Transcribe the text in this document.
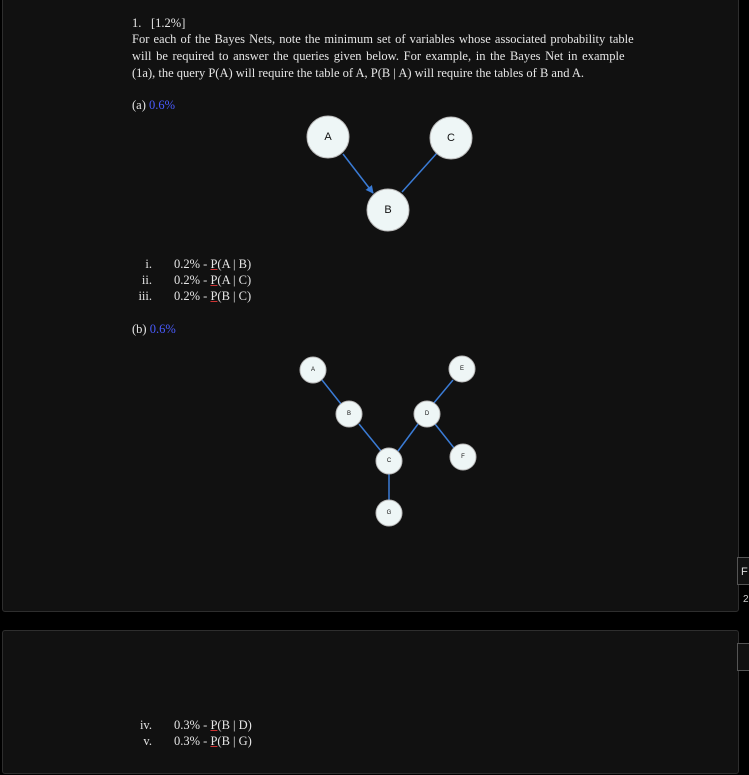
F
2
1. [1.2%]
For each of the Bayes Nets, note the minimum set of variables whose associated probability table
will be required to answer the queries given below. For example, in the Bayes Net in example
(1a), the query P(A) will require the table of A, P(B | A) will require the tables of B and A.
(a) 0.6%
A	C
B
A	E
B	D
C
F
G
i. 0.2% - P(A | B)
ii. 0.2% - P(A | C)
iii. 0.2% - P(B | C)
(b) 0.6%
iv. 0.3% - P(B | D)
v. 0.3% - P(B | G)
